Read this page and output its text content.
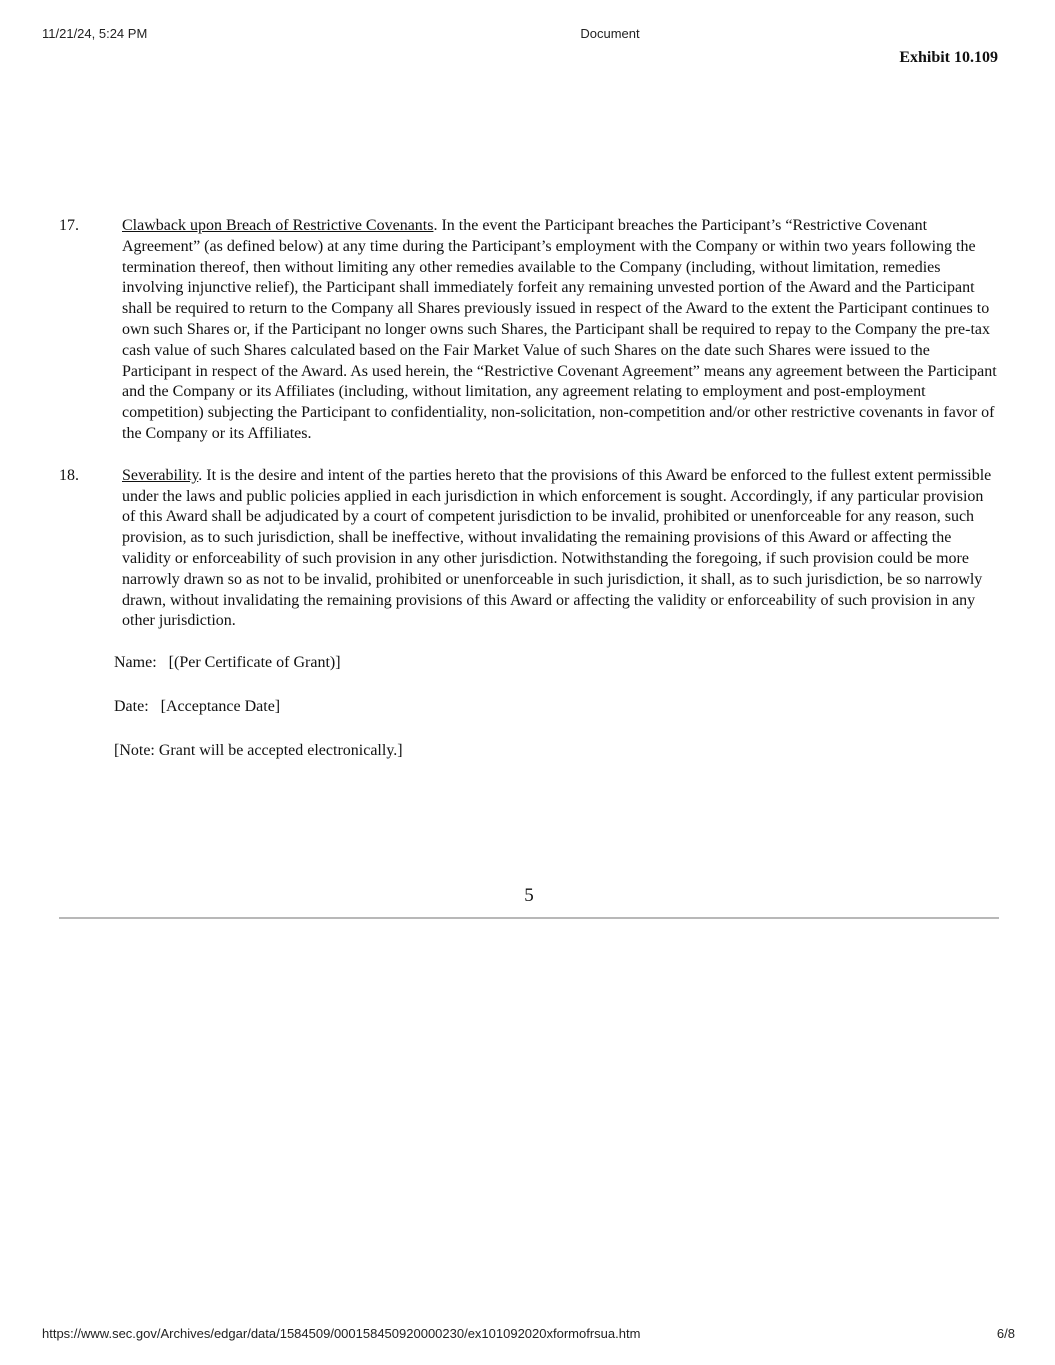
11/21/24, 5:24 PM	Document
Exhibit 10.109
17.	Clawback upon Breach of Restrictive Covenants. In the event the Participant breaches the Participant’s “Restrictive Covenant Agreement” (as defined below) at any time during the Participant’s employment with the Company or within two years following the termination thereof, then without limiting any other remedies available to the Company (including, without limitation, remedies involving injunctive relief), the Participant shall immediately forfeit any remaining unvested portion of the Award and the Participant shall be required to return to the Company all Shares previously issued in respect of the Award to the extent the Participant continues to own such Shares or, if the Participant no longer owns such Shares, the Participant shall be required to repay to the Company the pre-tax cash value of such Shares calculated based on the Fair Market Value of such Shares on the date such Shares were issued to the Participant in respect of the Award. As used herein, the “Restrictive Covenant Agreement” means any agreement between the Participant and the Company or its Affiliates (including, without limitation, any agreement relating to employment and post-employment competition) subjecting the Participant to confidentiality, non-solicitation, non-competition and/or other restrictive covenants in favor of the Company or its Affiliates.
18.	Severability. It is the desire and intent of the parties hereto that the provisions of this Award be enforced to the fullest extent permissible under the laws and public policies applied in each jurisdiction in which enforcement is sought. Accordingly, if any particular provision of this Award shall be adjudicated by a court of competent jurisdiction to be invalid, prohibited or unenforceable for any reason, such provision, as to such jurisdiction, shall be ineffective, without invalidating the remaining provisions of this Award or affecting the validity or enforceability of such provision in any other jurisdiction. Notwithstanding the foregoing, if such provision could be more narrowly drawn so as not to be invalid, prohibited or unenforceable in such jurisdiction, it shall, as to such jurisdiction, be so narrowly drawn, without invalidating the remaining provisions of this Award or affecting the validity or enforceability of such provision in any other jurisdiction.
Name: [(Per Certificate of Grant)]
Date: [Acceptance Date]
[Note: Grant will be accepted electronically.]
5
https://www.sec.gov/Archives/edgar/data/1584509/000158450920000230/ex101092020xformofrsua.htm	6/8
